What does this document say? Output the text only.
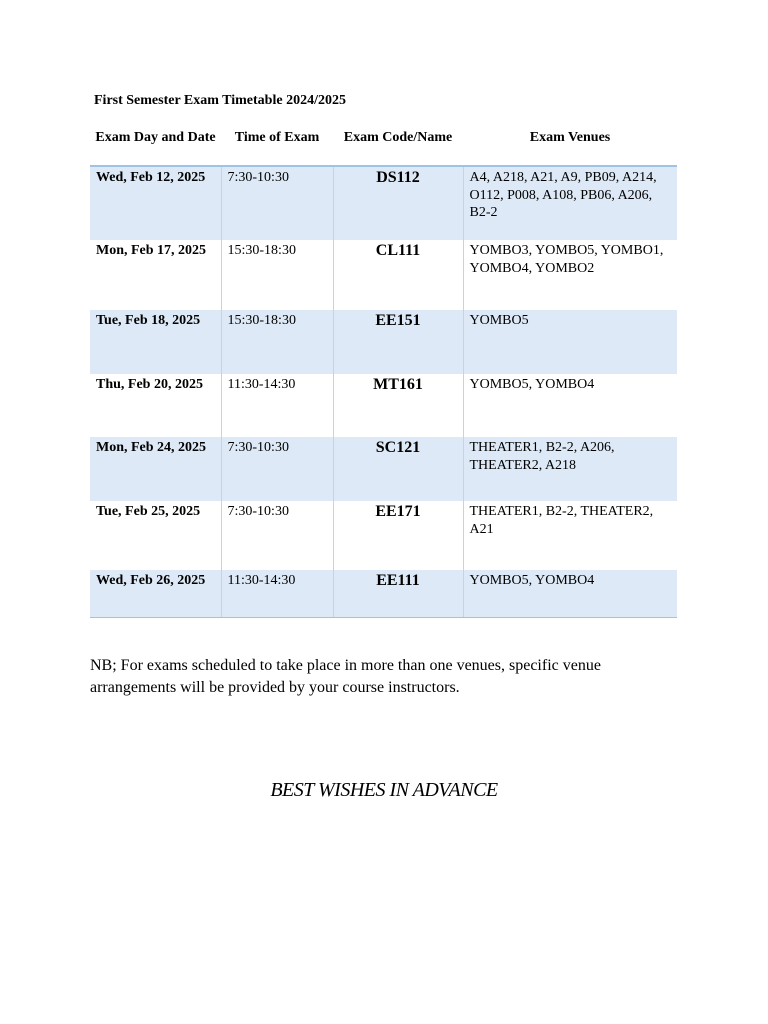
First Semester Exam Timetable 2024/2025
Exam Day and Date	Time of Exam	Exam Code/Name	Exam Venues
Wed, Feb 12, 2025	7:30-10:30	DS112	A4, A218, A21, A9, PB09, A214, O112, P008, A108, PB06, A206, B2-2
Mon, Feb 17, 2025	15:30-18:30	CL111	YOMBO3, YOMBO5, YOMBO1, YOMBO4, YOMBO2
Tue, Feb 18, 2025	15:30-18:30	EE151	YOMBO5
Thu, Feb 20, 2025	11:30-14:30	MT161	YOMBO5, YOMBO4
Mon, Feb 24, 2025	7:30-10:30	SC121	THEATER1, B2-2, A206, THEATER2, A218
Tue, Feb 25, 2025	7:30-10:30	EE171	THEATER1, B2-2, THEATER2, A21
Wed, Feb 26, 2025	11:30-14:30	EE111	YOMBO5, YOMBO4
NB; For exams scheduled to take place in more than one venues, specific venue arrangements will be provided by your course instructors.
BEST WISHES IN ADVANCE
